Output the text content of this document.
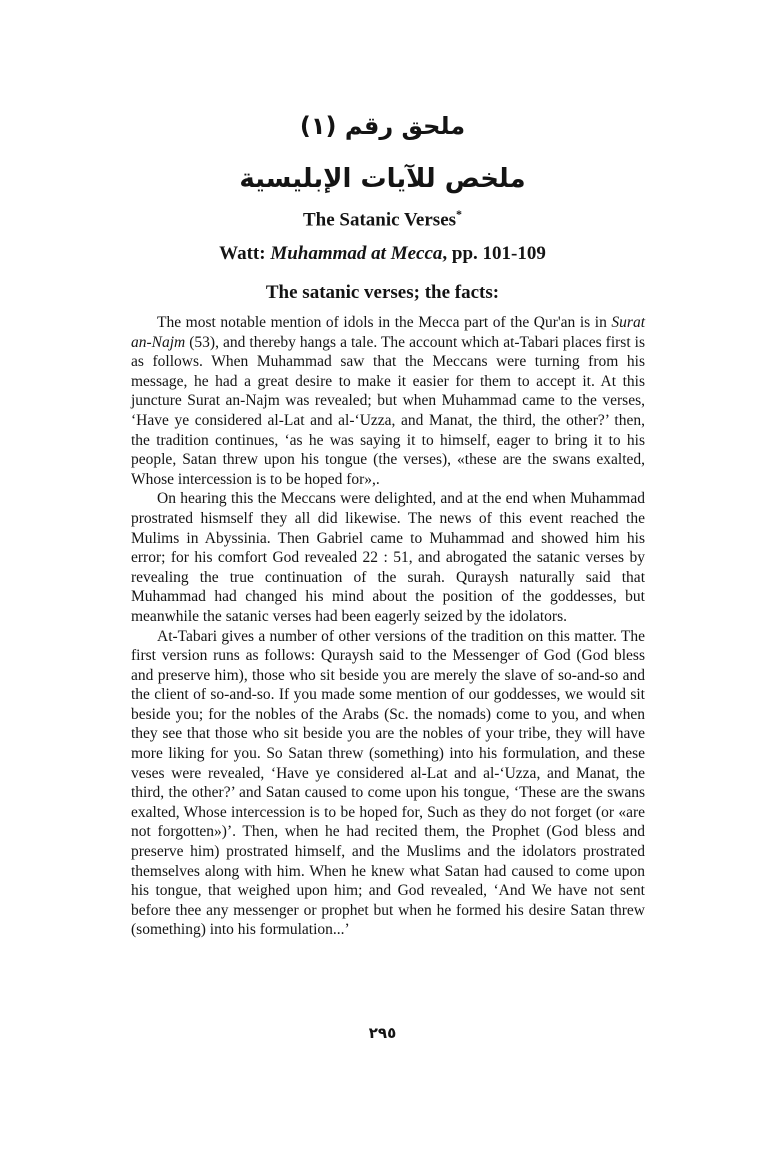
ملحق رقم (١)
ملخص للآيات الإبليسية
The Satanic Verses*
Watt: Muhammad at Mecca, pp. 101-109
The satanic verses; the facts:

The most notable mention of idols in the Mecca part of the Qur'an is in Surat an-Najm (53), and thereby hangs a tale. The account which at-Tabari places first is as follows. When Muhammad saw that the Meccans were turning from his message, he had a great desire to make it easier for them to accept it. At this juncture Surat an-Najm was revealed; but when Muhammad came to the verses, ‘Have ye considered al-Lat and al-‘Uzza, and Manat, the third, the other?’ then, the tradition continues, ‘as he was saying it to himself, eager to bring it to his people, Satan threw upon his tongue (the verses), «these are the swans exalted, Whose intercession is to be hoped for»,.

On hearing this the Meccans were delighted, and at the end when Muhammad prostrated hismself they all did likewise. The news of this event reached the Mulims in Abyssinia. Then Gabriel came to Muhammad and showed him his error; for his comfort God revealed 22 : 51, and abrogated the satanic verses by revealing the true continuation of the surah. Quraysh naturally said that Muhammad had changed his mind about the position of the goddesses, but meanwhile the satanic verses had been eagerly seized by the idolators.

At-Tabari gives a number of other versions of the tradition on this matter. The first version runs as follows: Quraysh said to the Messenger of God (God bless and preserve him), those who sit beside you are merely the slave of so-and-so and the client of so-and-so. If you made some mention of our goddesses, we would sit beside you; for the nobles of the Arabs (Sc. the nomads) come to you, and when they see that those who sit beside you are the nobles of your tribe, they will have more liking for you. So Satan threw (something) into his formulation, and these veses were revealed, ‘Have ye considered al-Lat and al-‘Uzza, and Manat, the third, the other?’ and Satan caused to come upon his tongue, ‘These are the swans exalted, Whose intercession is to be hoped for, Such as they do not forget (or «are not forgotten»)’. Then, when he had recited them, the Prophet (God bless and preserve him) prostrated himself, and the Muslims and the idolators prostrated themselves along with him. When he knew what Satan had caused to come upon his tongue, that weighed upon him; and God revealed, ‘And We have not sent before thee any messenger or prophet but when he formed his desire Satan threw (something) into his formulation...’

٢٩٥
